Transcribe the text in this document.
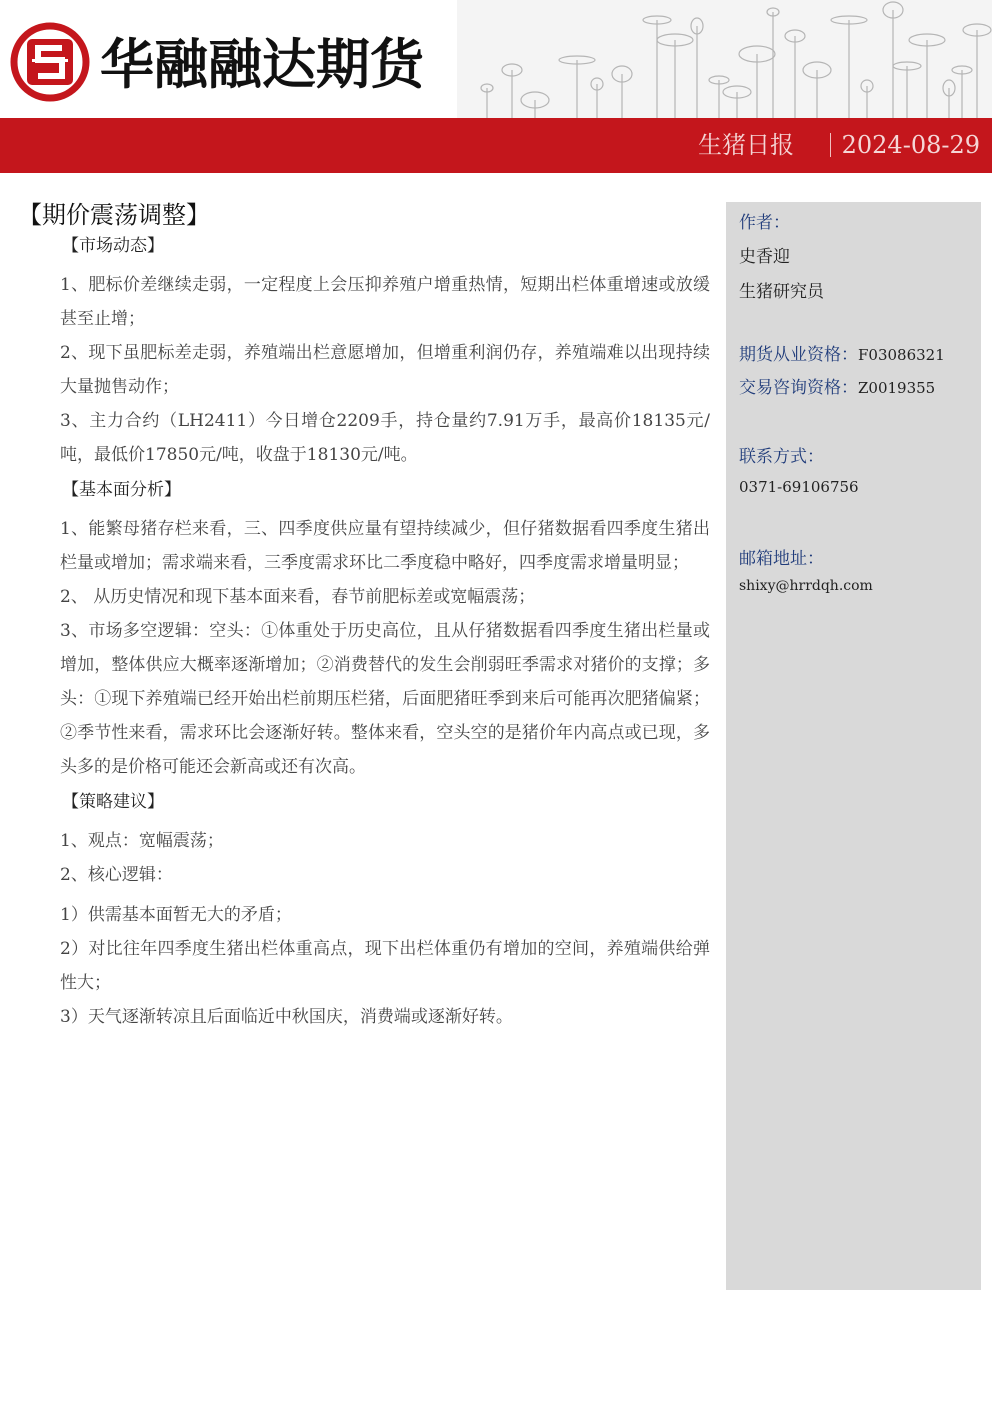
华融融达期货
生猪日报 2024-08-29
【期价震荡调整】
【市场动态】

1、肥标价差继续走弱，一定程度上会压抑养殖户增重热情，短期出栏体重增速或放缓甚至止增；

2、现下虽肥标差走弱，养殖端出栏意愿增加，但增重利润仍存，养殖端难以出现持续大量抛售动作；

3、主力合约（LH2411）今日增仓2209手，持仓量约7.91万手，最高价18135元/吨，最低价17850元/吨，收盘于18130元/吨。

【基本面分析】

1、能繁母猪存栏来看，三、四季度供应量有望持续减少，但仔猪数据看四季度生猪出栏量或增加；需求端来看，三季度需求环比二季度稳中略好，四季度需求增量明显；

2、 从历史情况和现下基本面来看，春节前肥标差或宽幅震荡；

3、市场多空逻辑：空头：①体重处于历史高位，且从仔猪数据看四季度生猪出栏量或增加，整体供应大概率逐渐增加；②消费替代的发生会削弱旺季需求对猪价的支撑；多头：①现下养殖端已经开始出栏前期压栏猪，后面肥猪旺季到来后可能再次肥猪偏紧；②季节性来看，需求环比会逐渐好转。整体来看，空头空的是猪价年内高点或已现，多头多的是价格可能还会新高或还有次高。

【策略建议】

1、观点：宽幅震荡；

2、核心逻辑：

1）供需基本面暂无大的矛盾；

2）对比往年四季度生猪出栏体重高点，现下出栏体重仍有增加的空间，养殖端供给弹性大；

3）天气逐渐转凉且后面临近中秋国庆，消费端或逐渐好转。

作者：
史香迎
生猪研究员
期货从业资格：F03086321
交易咨询资格：Z0019355
联系方式：
0371-69106756
邮箱地址：
shixy@hrrdqh.com
